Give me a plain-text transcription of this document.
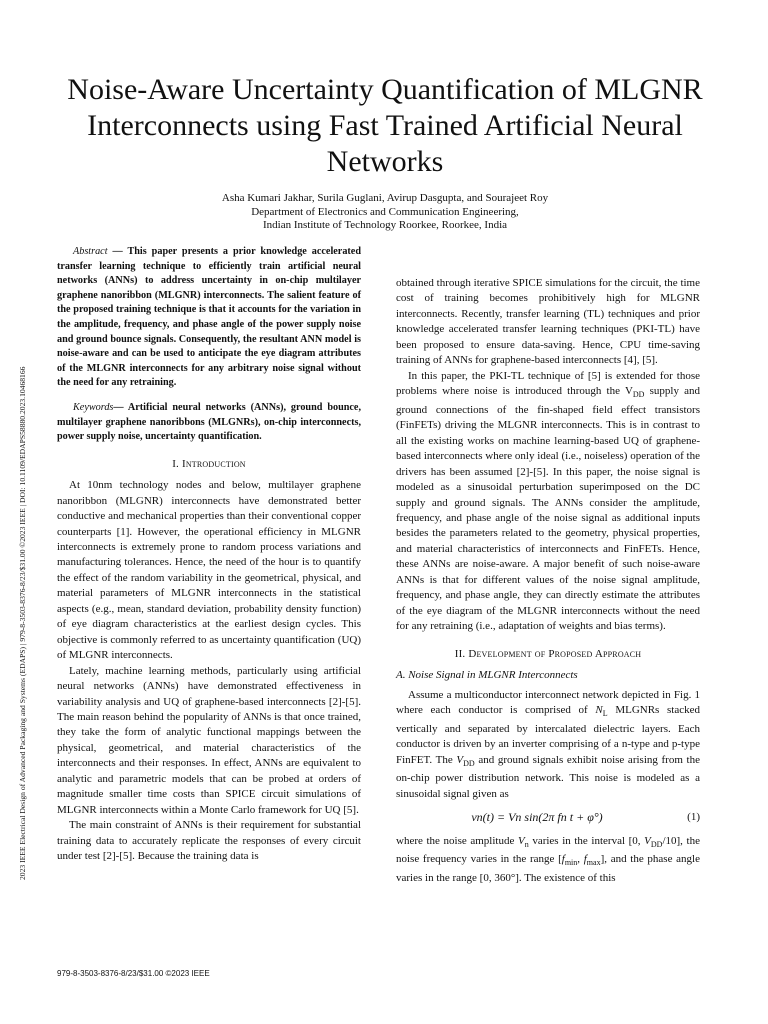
2023 IEEE Electrical Design of Advanced Packaging and Systems (EDAPS) | 979-8-3503-8376-8/23/$31.00 ©2023 IEEE | DOI: 10.1109/EDAPS58880.2023.10468166
Noise-Aware Uncertainty Quantification of MLGNR Interconnects using Fast Trained Artificial Neural Networks
Asha Kumari Jakhar, Surila Guglani, Avirup Dasgupta, and Sourajeet Roy
Department of Electronics and Communication Engineering,
Indian Institute of Technology Roorkee, Roorkee, India

Abstract — This paper presents a prior knowledge accelerated transfer learning technique to efficiently train artificial neural networks (ANNs) to address uncertainty in on-chip multilayer graphene nanoribbon (MLGNR) interconnects. The salient feature of the proposed training technique is that it accounts for the variation in the amplitude, frequency, and phase angle of the power supply noise and ground bounce signals. Consequently, the resultant ANN model is noise-aware and can be used to anticipate the eye diagram attributes of the MLGNR interconnects for any arbitrary noise signal without the need for any retraining.

Keywords— Artificial neural networks (ANNs), ground bounce, multilayer graphene nanoribbons (MLGNRs), on-chip interconnects, power supply noise, uncertainty quantification.

I. Introduction

At 10nm technology nodes and below, multilayer graphene nanoribbon (MLGNR) interconnects have demonstrated better conductive and mechanical properties than their conventional copper counterparts [1]. However, the operational efficiency in MLGNR interconnects is extremely prone to random process variations and manufacturing tolerances. Hence, the need of the hour is to quantify the effect of the random variability in the geometrical, physical, and material parameters of MLGNR interconnects in the statistical aspects (e.g., mean, standard deviation, probability density function) of eye diagram characteristics at the earliest design cycles. This objective is commonly referred to as uncertainty quantification (UQ) of MLGNR interconnects.

Lately, machine learning methods, particularly using artificial neural networks (ANNs) have demonstrated effectiveness in variability analysis and UQ of graphene-based interconnects [2]-[5]. The main reason behind the popularity of ANNs is that once trained, they take the form of analytic functional mappings between the physical, geometrical, and material characteristics of the interconnects and their responses. In effect, ANNs are equivalent to analytic and parametric models that can be probed at orders of magnitude smaller time costs than SPICE circuit simulations of MLGNR interconnects within a Monte Carlo framework for UQ [5].

The main constraint of ANNs is their requirement for substantial training data to accurately replicate the responses of every circuit under test [2]-[5]. Because the training data is

obtained through iterative SPICE simulations for the circuit, the time cost of training becomes prohibitively high for MLGNR interconnects. Recently, transfer learning (TL) techniques and prior knowledge accelerated transfer learning techniques (PKI-TL) have been proposed to ensure data-saving. Hence, CPU time-saving training of ANNs for graphene-based interconnects [4], [5].

In this paper, the PKI-TL technique of [5] is extended for those problems where noise is introduced through the $V_{DD}$ supply and ground connections of the fin-shaped field effect transistors (FinFETs) driving the MLGNR interconnects. This is in contrast to all the existing works on machine learning-based UQ of graphene-based interconnects where only ideal (i.e., noiseless) operation of the drivers has been assumed [2]-[5]. In this paper, the noise signal is modeled as a sinusoidal perturbation superimposed on the DC supply and ground signals. The ANNs consider the amplitude, frequency, and phase angle of the noise signal as additional inputs besides the parameters related to the geometry, physical properties, and material characteristics of interconnects and FinFETs. Hence, these ANNs are noise-aware. A major benefit of such noise-aware ANNs is that for different values of the noise signal amplitude, frequency, and phase angle, they can directly estimate the attributes of the eye diagram of the MLGNR interconnects without the need for any retraining (i.e., adaptation of weights and bias terms).

II. Development of Proposed Approach
A. Noise Signal in MLGNR Interconnects

Assume a multiconductor interconnect network depicted in Fig. 1 where each conductor is comprised of $N_L$ MLGNRs stacked vertically and separated by intercalated dielectric layers. Each conductor is driven by an inverter comprising of a n-type and p-type FinFET. The $V_{DD}$ and ground signals exhibit noise arising from the on-chip power distribution network. This noise is modeled as a sinusoidal signal given as

vn(t) = Vn sin(2π fn t + φ°)	(1)

where the noise amplitude $V_n$ varies in the interval [0, $V_{DD}/10$], the noise frequency varies in the range [$f_{min}$, $f_{max}$], and the phase angle varies in the range [0, 360°]. The existence of this

979-8-3503-8376-8/23/$31.00 ©2023 IEEE
